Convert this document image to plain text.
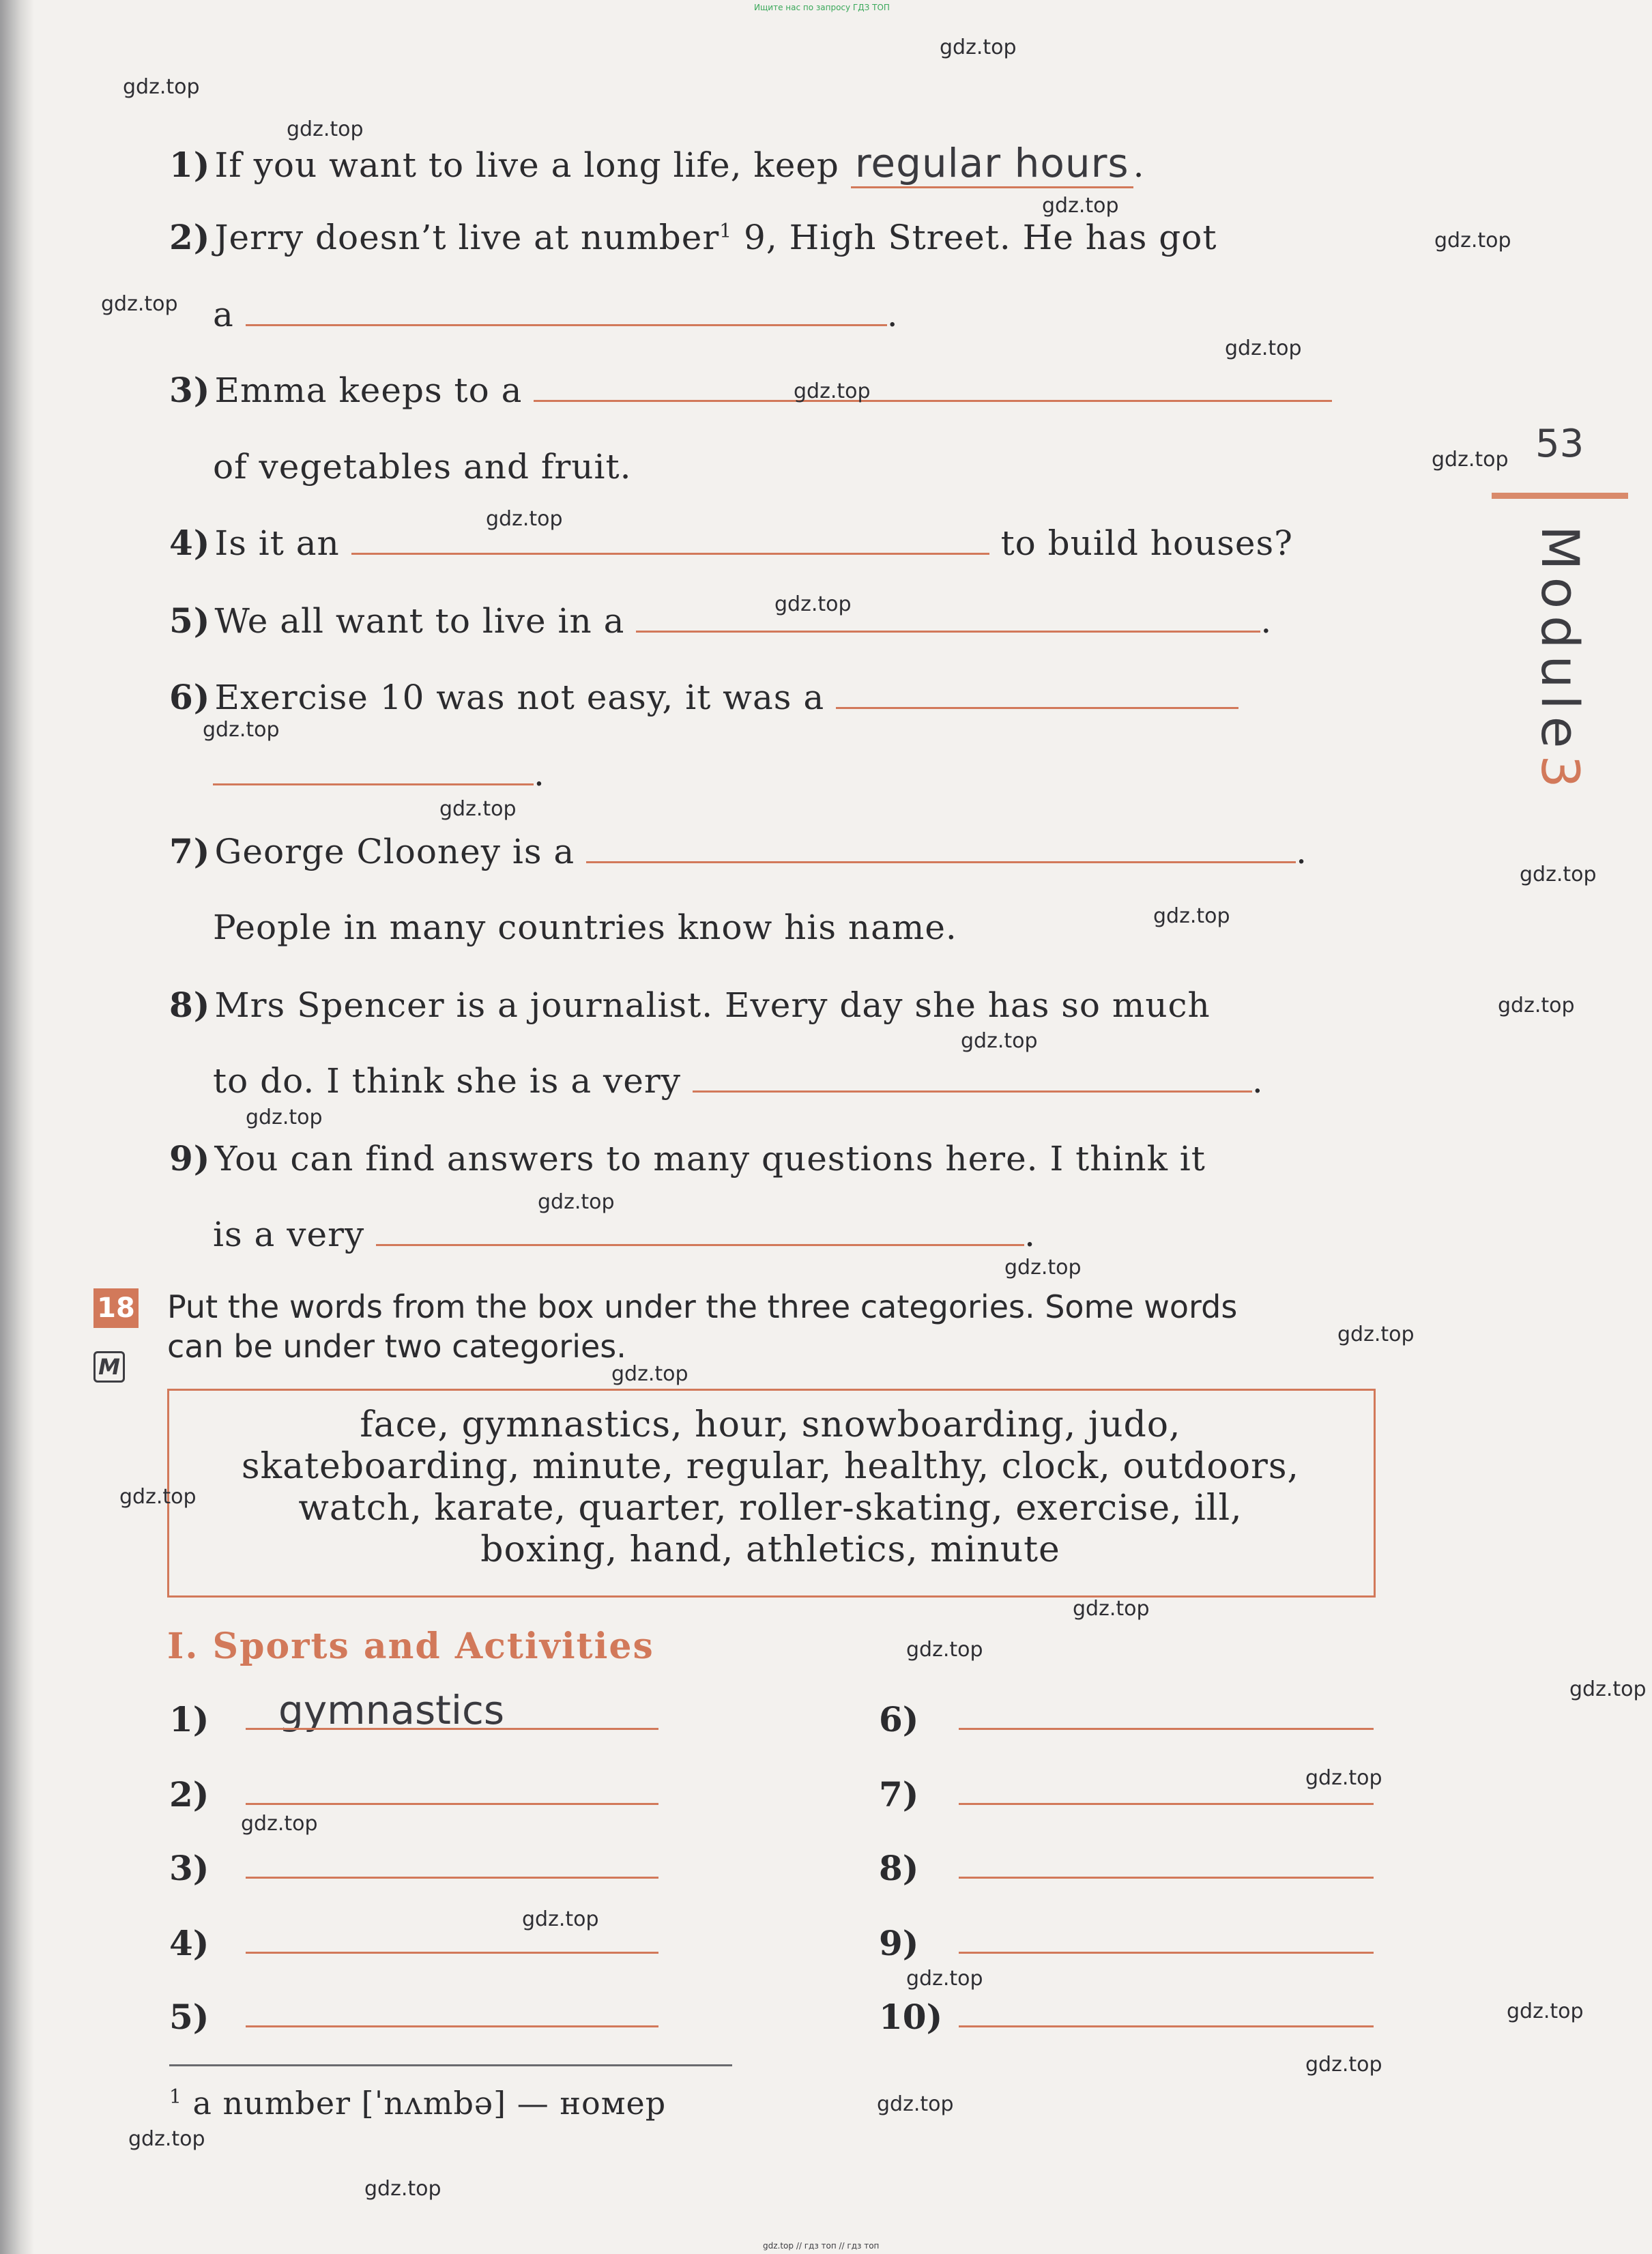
Ищите нас по запросу ГДЗ ТОП
53
Module3
1) If you want to live a long life, keep regular hours .
2) Jerry doesn’t live at number$^1$ 9, High Street. He has got
a	.
3) Emma keeps to a
of vegetables and fruit.
4) Is it an	to build houses?
5) We all want to live in a	.
6) Exercise 10 was not easy, it was a
.
7) George Clooney is a	.
People in many countries know his name.
8) Mrs Spencer is a journalist. Every day she has so much
to do. I think she is a very	.
9) You can find answers to many questions here. I think it
is a very	.
18
M
Put the words from the box under the three categories. Some words
can be under two categories.
face, gymnastics, hour, snowboarding, judo,
skateboarding, minute, regular, healthy, clock, outdoors,
watch, karate, quarter, roller-skating, exercise, ill,
boxing, hand, athletics, minute
I. Sports and Activities
1) gymnastics
2)
3)
4)
5)
6)
7)
8)
9)
10)
$^1$ a number [ˈnʌmbə] — номер
gdz.top // гдз топ // гдз топ
gdz.top
gdz.top
gdz.top
gdz.top
gdz.top
gdz.top
gdz.top
gdz.top
gdz.top
gdz.top
gdz.top
gdz.top
gdz.top
gdz.top
gdz.top
gdz.top
gdz.top
gdz.top
gdz.top
gdz.top
gdz.top
gdz.top
gdz.top
gdz.top
gdz.top
gdz.top
gdz.top
gdz.top
gdz.top
gdz.top
gdz.top
gdz.top
gdz.top
gdz.top
gdz.top
